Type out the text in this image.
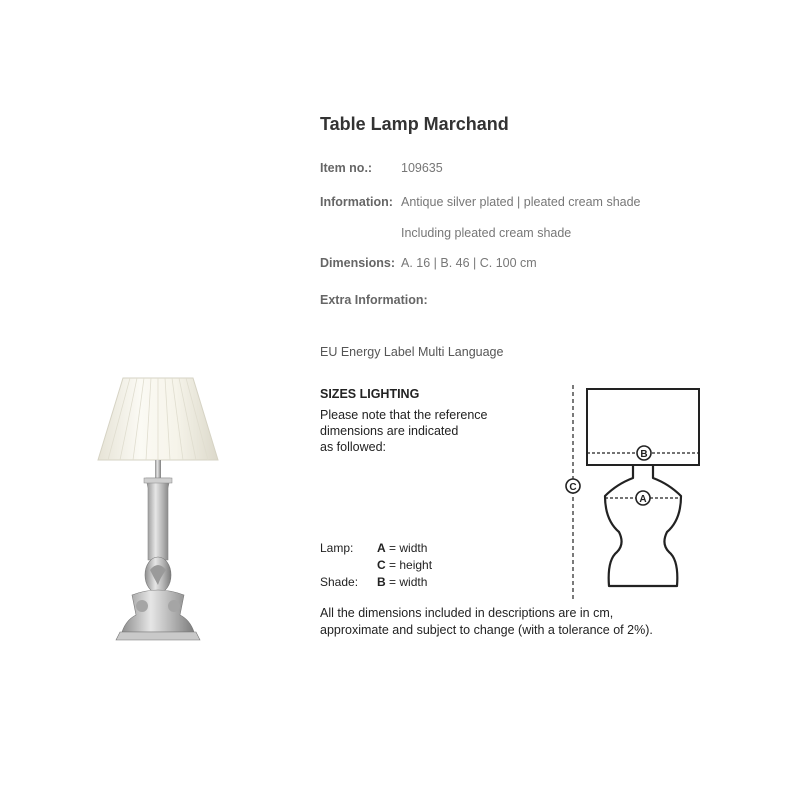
Table Lamp Marchand
Item no.: 109635
Information: Antique silver plated | pleated cream shade
Including pleated cream shade
Dimensions: A. 16 | B. 46 | C. 100 cm
Extra Information:
EU Energy Label Multi Language
SIZES LIGHTING
Please note that the reference
dimensions are indicated
as followed:
Lamp: A = width
C = height
Shade: B = width
All the dimensions included in descriptions are in cm,
approximate and subject to change (with a tolerance of 2%).
B
A
C
